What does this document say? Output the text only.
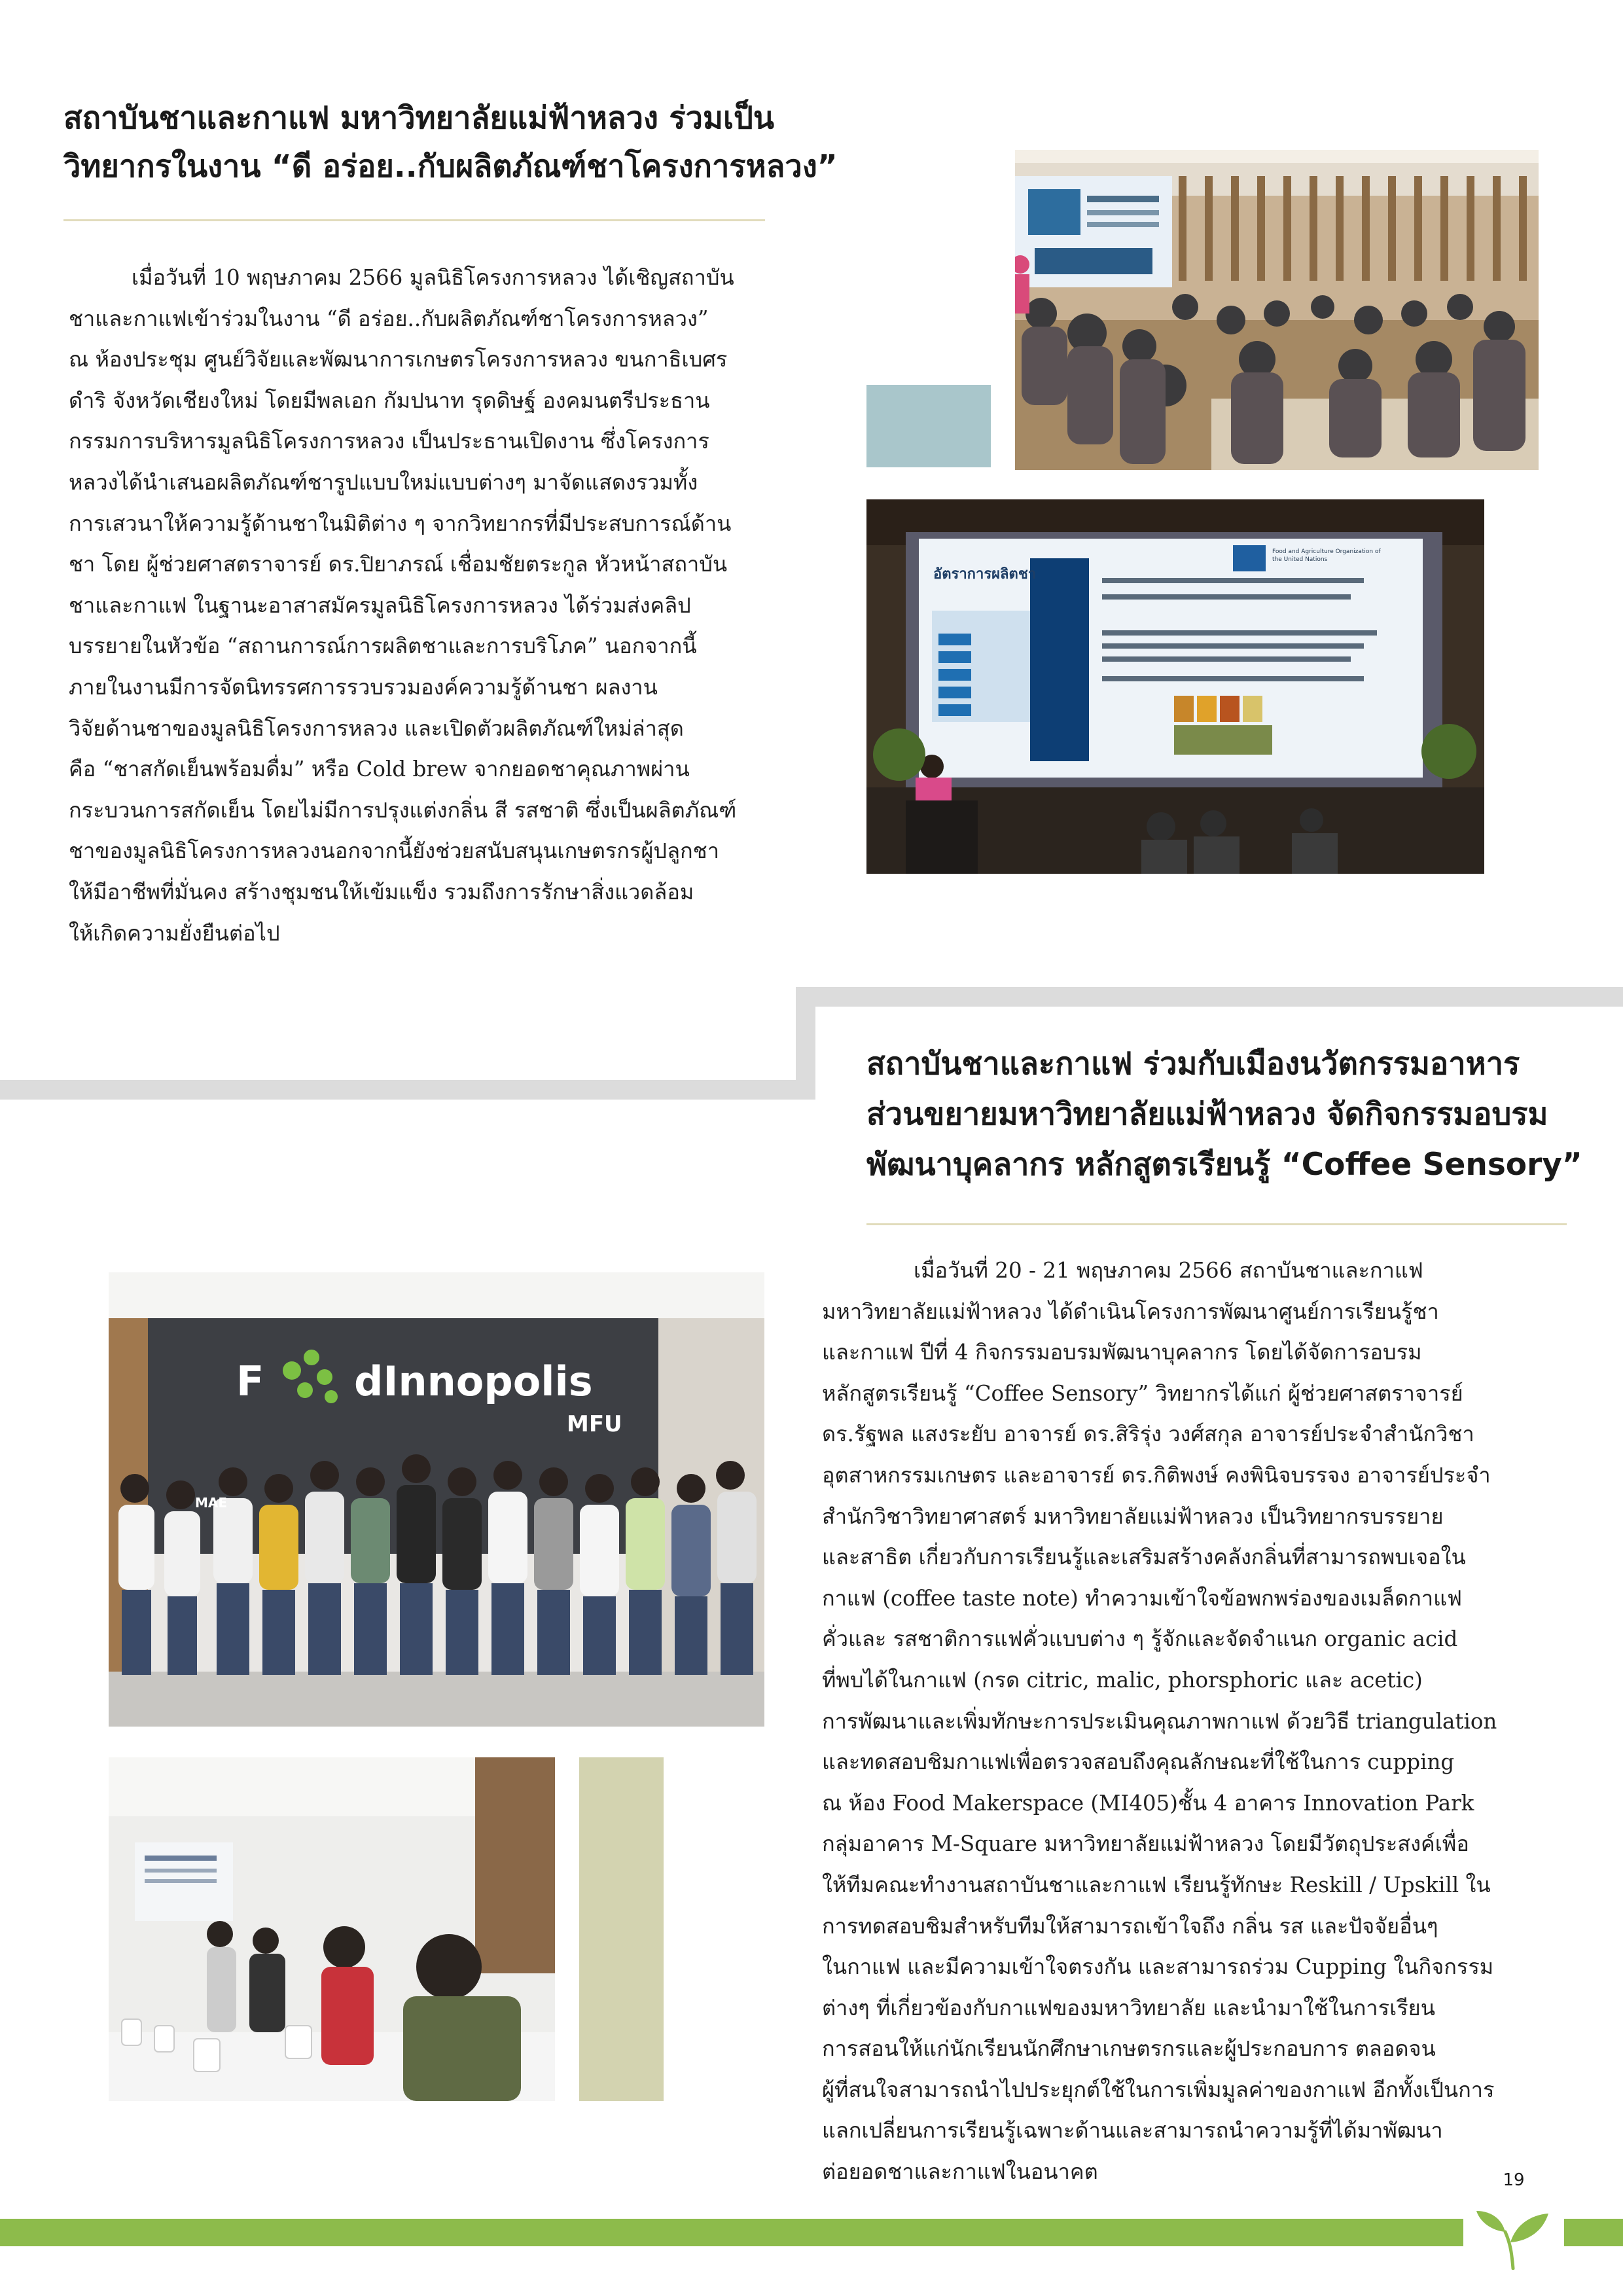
สถาบันชาและกาแฟ มหาวิทยาลัยแม่ฟ้าหลวง ร่วมเป็น
วิทยากรในงาน “ดี อร่อย..กับผลิตภัณฑ์ชาโครงการหลวง”
เมื่อวันที่ 10 พฤษภาคม 2566 มูลนิธิโครงการหลวง ได้เชิญสถาบัน
ชาและกาแฟเข้าร่วมในงาน “ดี อร่อย..กับผลิตภัณฑ์ชาโครงการหลวง”
ณ ห้องประชุม ศูนย์วิจัยและพัฒนาการเกษตรโครงการหลวง ขนกาธิเบศร
ดำริ จังหวัดเชียงใหม่ โดยมีพลเอก กัมปนาท รุดดิษฐ์ องคมนตรีประธาน
กรรมการบริหารมูลนิธิโครงการหลวง เป็นประธานเปิดงาน ซึ่งโครงการ
หลวงได้นำเสนอผลิตภัณฑ์ชารูปแบบใหม่แบบต่างๆ มาจัดแสดงรวมทั้ง
การเสวนาให้ความรู้ด้านชาในมิติต่าง ๆ จากวิทยากรที่มีประสบการณ์ด้าน
ชา โดย ผู้ช่วยศาสตราจารย์ ดร.ปิยาภรณ์ เชื่อมชัยตระกูล หัวหน้าสถาบัน
ชาและกาแฟ ในฐานะอาสาสมัครมูลนิธิโครงการหลวง ได้ร่วมส่งคลิป
บรรยายในหัวข้อ “สถานการณ์การผลิตชาและการบริโภค” นอกจากนี้
ภายในงานมีการจัดนิทรรศการรวบรวมองค์ความรู้ด้านชา ผลงาน
วิจัยด้านชาของมูลนิธิโครงการหลวง และเปิดตัวผลิตภัณฑ์ใหม่ล่าสุด
คือ “ชาสกัดเย็นพร้อมดื่ม” หรือ Cold brew จากยอดชาคุณภาพผ่าน
กระบวนการสกัดเย็น โดยไม่มีการปรุงแต่งกลิ่น สี รสชาติ ซึ่งเป็นผลิตภัณฑ์
ชาของมูลนิธิโครงการหลวงนอกจากนี้ยังช่วยสนับสนุนเกษตรกรผู้ปลูกชา
ให้มีอาชีพที่มั่นคง สร้างชุมชนให้เข้มแข็ง รวมถึงการรักษาสิ่งแวดล้อม
ให้เกิดความยั่งยืนต่อไป
อัตราการผลิตชา
Food and Agriculture Organization of the United Nations
สถาบันชาและกาแฟ ร่วมกับเมืองนวัตกรรมอาหาร
ส่วนขยายมหาวิทยาลัยแม่ฟ้าหลวง จัดกิจกรรมอบรม
พัฒนาบุคลากร หลักสูตรเรียนรู้ “Coffee Sensory”
เมื่อวันที่ 20 - 21 พฤษภาคม 2566 สถาบันชาและกาแฟ
มหาวิทยาลัยแม่ฟ้าหลวง ได้ดำเนินโครงการพัฒนาศูนย์การเรียนรู้ชา
และกาแฟ ปีที่ 4 กิจกรรมอบรมพัฒนาบุคลากร โดยได้จัดการอบรม
หลักสูตรเรียนรู้ “Coffee Sensory” วิทยากรได้แก่ ผู้ช่วยศาสตราจารย์
ดร.รัฐพล แสงระยับ อาจารย์ ดร.สิริรุ่ง วงศ์สกุล อาจารย์ประจำสำนักวิชา
อุตสาหกรรมเกษตร และอาจารย์ ดร.กิติพงษ์ คงพินิจบรรจง อาจารย์ประจำ
สำนักวิชาวิทยาศาสตร์ มหาวิทยาลัยแม่ฟ้าหลวง เป็นวิทยากรบรรยาย
และสาธิต เกี่ยวกับการเรียนรู้และเสริมสร้างคลังกลิ่นที่สามารถพบเจอใน
กาแฟ (coffee taste note) ทำความเข้าใจข้อพกพร่องของเมล็ดกาแฟ
คั่วและ รสชาติการแฟคั่วแบบต่าง ๆ รู้จักและจัดจำแนก organic acid
ที่พบได้ในกาแฟ (กรด citric, malic, phorsphoric และ acetic)
การพัฒนาและเพิ่มทักษะการประเมินคุณภาพกาแฟ ด้วยวิธี triangulation
และทดสอบชิมกาแฟเพื่อตรวจสอบถึงคุณลักษณะที่ใช้ในการ cupping
ณ ห้อง Food Makerspace (MI405)ชั้น 4 อาคาร Innovation Park
กลุ่มอาคาร M-Square มหาวิทยาลัยแม่ฟ้าหลวง โดยมีวัตถุประสงค์เพื่อ
ให้ทีมคณะทำงานสถาบันชาและกาแฟ เรียนรู้ทักษะ Reskill / Upskill ใน
การทดสอบชิมสำหรับทีมให้สามารถเข้าใจถึง กลิ่น รส และปัจจัยอื่นๆ
ในกาแฟ และมีความเข้าใจตรงกัน และสามารถร่วม Cupping ในกิจกรรม
ต่างๆ ที่เกี่ยวข้องกับกาแฟของมหาวิทยาลัย และนำมาใช้ในการเรียน
การสอนให้แก่นักเรียนนักศึกษาเกษตรกรและผู้ประกอบการ ตลอดจน
ผู้ที่สนใจสามารถนำไปประยุกต์ใช้ในการเพิ่มมูลค่าของกาแฟ อีกทั้งเป็นการ
แลกเปลี่ยนการเรียนรู้เฉพาะด้านและสามารถนำความรู้ที่ได้มาพัฒนา
ต่อยอดชาและกาแฟในอนาคต
F dInnopolis
MFU
MAE
19
